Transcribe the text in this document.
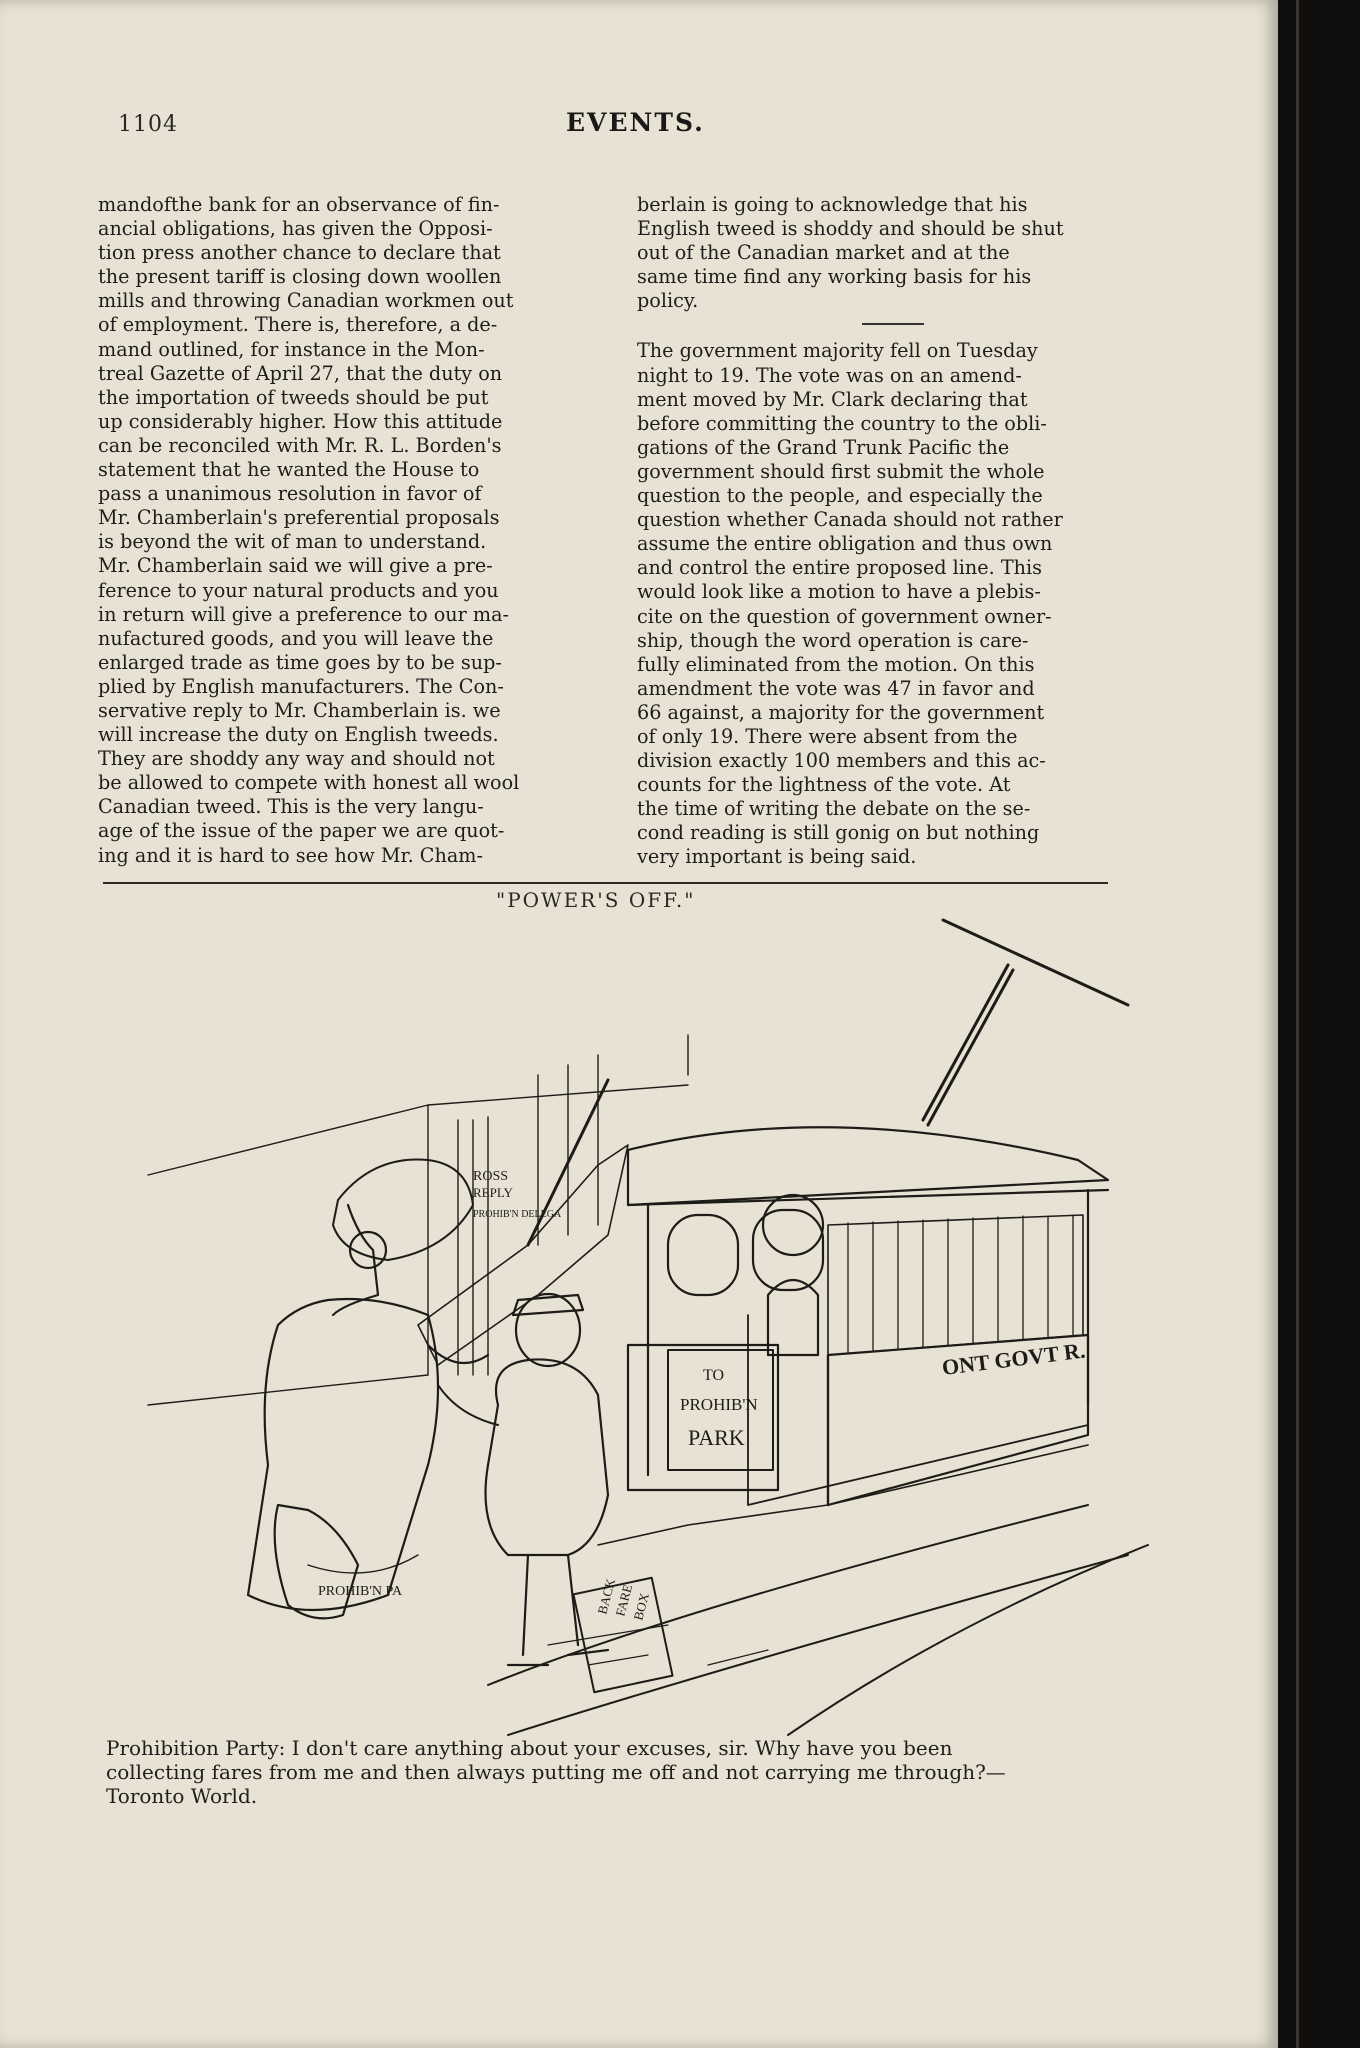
1104	EVENTS.

mandofthe bank for an observance of fin-
ancial obligations, has given the Opposi-
tion press another chance to declare that
the present tariff is closing down woollen
mills and throwing Canadian workmen out
of employment. There is, therefore, a de-
mand outlined, for instance in the Mon-
treal Gazette of April 27, that the duty on
the importation of tweeds should be put
up considerably higher. How this attitude
can be reconciled with Mr. R. L. Borden's
statement that he wanted the House to
pass a unanimous resolution in favor of
Mr. Chamberlain's preferential proposals
is beyond the wit of man to understand.
Mr. Chamberlain said we will give a pre-
ference to your natural products and you
in return will give a preference to our ma-
nufactured goods, and you will leave the
enlarged trade as time goes by to be sup-
plied by English manufacturers. The Con-
servative reply to Mr. Chamberlain is. we
will increase the duty on English tweeds.
They are shoddy any way and should not
be allowed to compete with honest all wool
Canadian tweed. This is the very langu-
age of the issue of the paper we are quot-
ing and it is hard to see how Mr. Cham-

berlain is going to acknowledge that his
English tweed is shoddy and should be shut
out of the Canadian market and at the
same time find any working basis for his
policy.

The government majority fell on Tuesday
night to 19. The vote was on an amend-
ment moved by Mr. Clark declaring that
before committing the country to the obli-
gations of the Grand Trunk Pacific the
government should first submit the whole
question to the people, and especially the
question whether Canada should not rather
assume the entire obligation and thus own
and control the entire proposed line. This
would look like a motion to have a plebis-
cite on the question of government owner-
ship, though the word operation is care-
fully eliminated from the motion. On this
amendment the vote was 47 in favor and
66 against, a majority for the government
of only 19. There were absent from the
division exactly 100 members and this ac-
counts for the lightness of the vote. At
the time of writing the debate on the se-
cond reading is still gonig on but nothing
very important is being said.

"POWER'S OFF."
ROSS
REPLY
PROHIB'N DELEGA
TO
PROHIB'N
PARK
ONT GOVT R.
BACK
FARE
BOX
PROHIB'N PA
Prohibition Party: I don't care anything about your excuses, sir. Why have you been
collecting fares from me and then always putting me off and not carrying me through?—
Toronto World.
